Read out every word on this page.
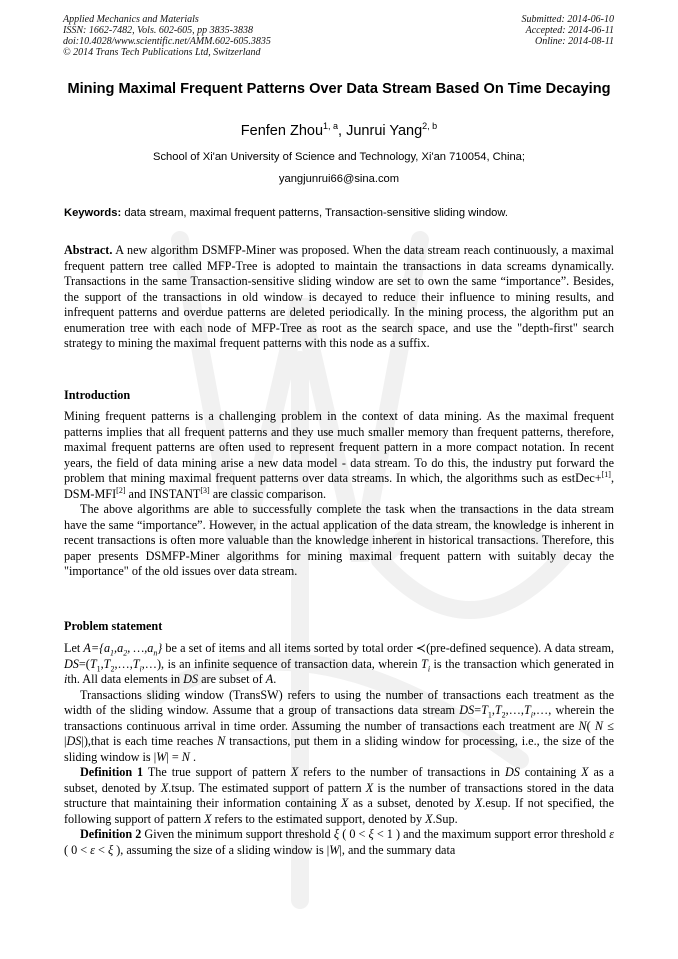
Applied Mechanics and Materials
ISSN: 1662-7482, Vols. 602-605, pp 3835-3838
doi:10.4028/www.scientific.net/AMM.602-605.3835
© 2014 Trans Tech Publications Ltd, Switzerland
Submitted: 2014-06-10
Accepted: 2014-06-11
Online: 2014-08-11
Mining Maximal Frequent Patterns Over Data Stream Based On Time Decaying
Fenfen Zhou$^{1, a}$, Junrui Yang$^{2, b}$
School of Xi'an University of Science and Technology, Xi'an 710054, China;
yangjunrui66@sina.com
Keywords: data stream, maximal frequent patterns, Transaction-sensitive sliding window.

Abstract. A new algorithm DSMFP-Miner was proposed. When the data stream reach continuously, a maximal frequent pattern tree called MFP-Tree is adopted to maintain the transactions in data screams dynamically. Transactions in the same Transaction-sensitive sliding window are set to own the same “importance”. Besides, the support of the transactions in old window is decayed to reduce their influence to mining results, and infrequent patterns and overdue patterns are deleted periodically. In the mining process, the algorithm put an enumeration tree with each node of MFP-Tree as root as the search space, and use the "depth-first" search strategy to mining the maximal frequent patterns with this node as a suffix.

Introduction

Mining frequent patterns is a challenging problem in the context of data mining. As the maximal frequent patterns implies that all frequent patterns and they use much smaller memory than frequent patterns, therefore, maximal frequent patterns are often used to represent frequent pattern in a more compact notation. In recent years, the field of data mining arise a new data model - data stream. To do this, the industry put forward the problem that mining maximal frequent patterns over data streams. In which, the algorithms such as estDec+[1], DSM-MFI[2] and INSTANT[3] are classic comparison.

The above algorithms are able to successfully complete the task when the transactions in the data stream have the same “importance”. However, in the actual application of the data stream, the knowledge is inherent in recent transactions is often more valuable than the knowledge inherent in historical transactions. Therefore, this paper presents DSMFP-Miner algorithms for mining maximal frequent pattern with suitably decay the "importance" of the old issues over data stream.

Problem statement

Let $A=\{a_1,a_2$, $\dots,a_n$} be a set of items and all items sorted by total order ≺(pre-defined sequence). A data stream, $DS=(T_1,T_2,\dots,T_i,\dots)$, is an infinite sequence of transaction data, wherein $T_i$ is the transaction which generated in ith. All data elements in DS are subset of A.

Transactions sliding window (TransSW) refers to using the number of transactions each treatment as the width of the sliding window. Assume that a group of transactions data stream $DS=T_1,T_2,\dots,T_i,\dots$, wherein the transactions continuous arrival in time order. Assuming the number of transactions each treatment are N( N ≤ |DS|),that is each time reaches N transactions, put them in a sliding window for processing, i.e., the size of the sliding window is |W| = N .

Definition 1 The true support of pattern X refers to the number of transactions in DS containing X as a subset, denoted by X.tsup. The estimated support of pattern X is the number of transactions stored in the data structure that maintaining their information containing X as a subset, denoted by X.esup. If not specified, the following support of pattern X refers to the estimated support, denoted by X.Sup.

Definition 2 Given the minimum support threshold ξ ( 0 < ξ < 1 ) and the maximum support error threshold ε ( 0 < ε < ξ ), assuming the size of a sliding window is |W|, and the summary data
